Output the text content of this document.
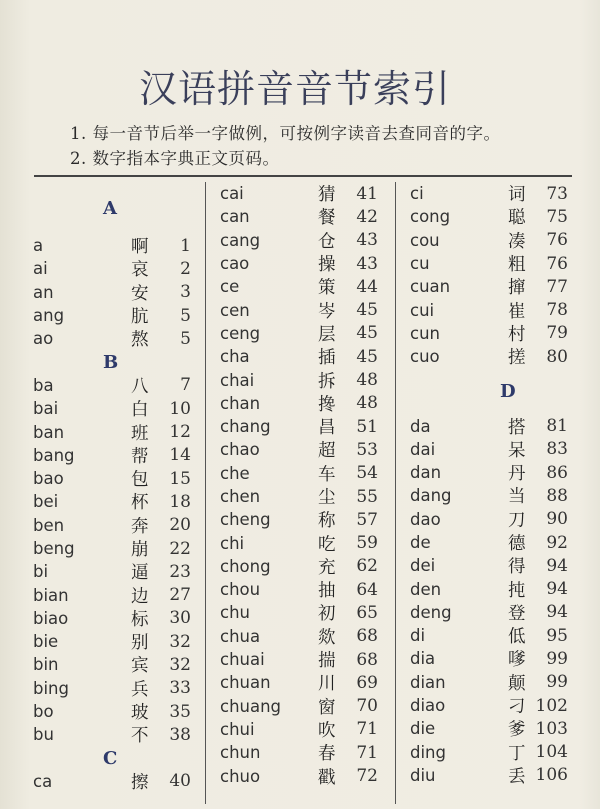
汉语拼音音节索引
1. 每一音节后举一字做例，可按例字读音去查同音的字。
2. 数字指本字典正文页码。
A
a	啊	1
ai	哀	2
an	安	3
ang	肮	5
ao	熬	5
B
ba	八	7
bai	白	10
ban	班	12
bang	帮	14
bao	包	15
bei	杯	18
ben	奔	20
beng	崩	22
bi	逼	23
bian	边	27
biao	标	30
bie	别	32
bin	宾	32
bing	兵	33
bo	玻	35
bu	不	38
C
ca	擦	40
cai	猜	41
can	餐	42
cang	仓	43
cao	操	43
ce	策	44
cen	岑	45
ceng	层	45
cha	插	45
chai	拆	48
chan	搀	48
chang	昌	51
chao	超	53
che	车	54
chen	尘	55
cheng	称	57
chi	吃	59
chong	充	62
chou	抽	64
chu	初	65
chua	欻	68
chuai	揣	68
chuan	川	69
chuang 窗	70
chui	吹	71
chun	春	71
chuo	戳	72
ci	词	73
cong	聪	75
cou	凑	76
cu	粗	76
cuan	撺	77
cui	崔	78
cun	村	79
cuo	搓	80
D
da	搭	81
dai	呆	83
dan	丹	86
dang	当	88
dao	刀	90
de	德	92
dei	得	94
den	扽	94
deng	登	94
di	低	95
dia	嗲	99
dian	颠	99
diao	刁 102
die	爹 103
ding	丁 104
diu	丢 106
